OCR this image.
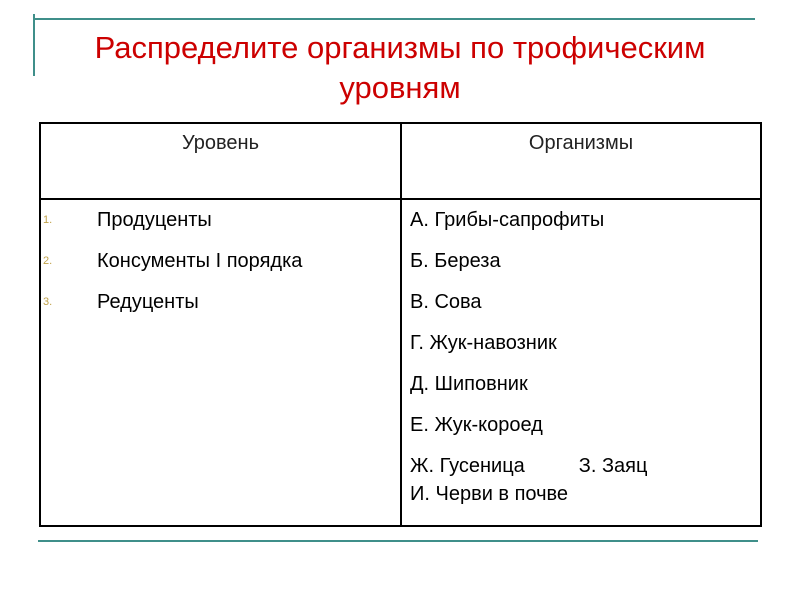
Распределите организмы по трофическим
уровням
Уровень	Организмы
1. Продуценты
2. Консументы I порядка
3. Редуценты
А. Грибы-сапрофиты
Б. Береза
В. Сова
Г. Жук-навозник
Д. Шиповник
Е. Жук-короед
Ж. Гусеница	З. Заяц
И. Черви в почве
